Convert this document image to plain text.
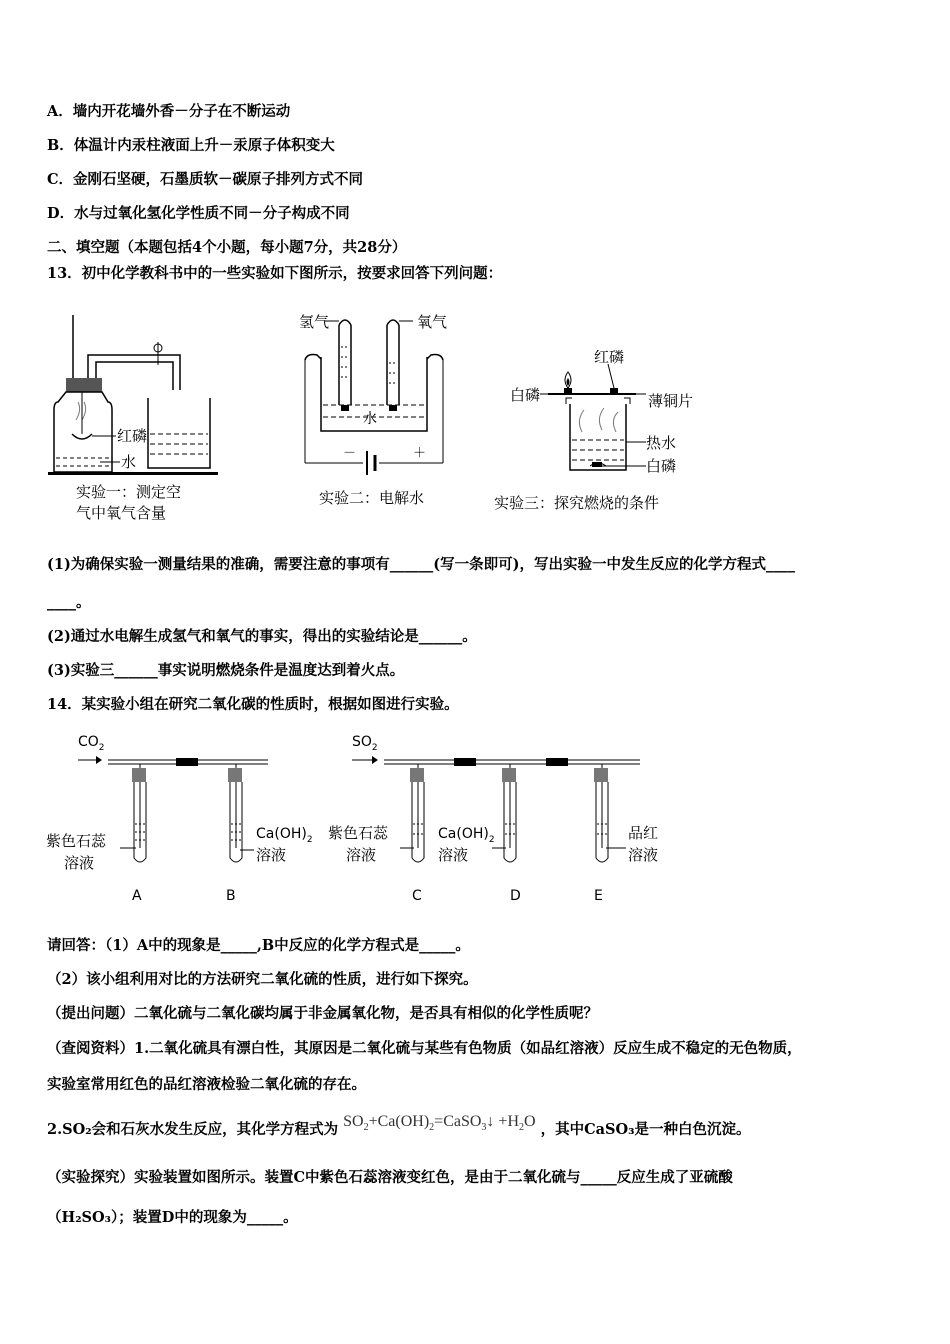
A．墙内开花墙外香－分子在不断运动
B．体温计内汞柱液面上升－汞原子体积变大
C．金刚石坚硬，石墨质软－碳原子排列方式不同
D．水与过氧化氢化学性质不同－分子构成不同
二、填空题（本题包括4个小题，每小题7分，共28分）
13．初中化学教科书中的一些实验如下图所示，按要求回答下列问题：
红磷
水
实验一：测定空
气中氧气含量
氢气	氧气
水
－	＋
实验二：电解水
红磷
白磷	薄铜片
热水
白磷
实验三：探究燃烧的条件
(1)为确保实验一测量结果的准确，需要注意的事项有______(写一条即可)，写出实验一中发生反应的化学方程式____
____。
(2)通过水电解生成氢气和氧气的事实，得出的实验结论是______。
(3)实验三______事实说明燃烧条件是温度达到着火点。
14．某实验小组在研究二氧化碳的性质时，根据如图进行实验。
$CO_2$
紫色石蕊
溶液
$Ca(OH)_2$
溶液
$SO_2$
紫色石蕊
溶液
$Ca(OH)_2$
溶液
品红
溶液
A	B	C	D	E
请回答：（1）A中的现象是_____,B中反应的化学方程式是_____。
（2）该小组利用对比的方法研究二氧化硫的性质，进行如下探究。
（提出问题）二氧化硫与二氧化碳均属于非金属氧化物，是否具有相似的化学性质呢？
（查阅资料）1.二氧化硫具有漂白性，其原因是二氧化硫与某些有色物质（如品红溶液）反应生成不稳定的无色物质，
实验室常用红色的品红溶液检验二氧化硫的存在。
2.SO₂会和石灰水发生反应，其化学方程式为 $SO_2+Ca(OH)_2=CaSO_3↓ +H_2O$ ，其中CaSO₃是一种白色沉淀。
（实验探究）实验装置如图所示。装置C中紫色石蕊溶液变红色，是由于二氧化硫与_____反应生成了亚硫酸
（H₂SO₃）；装置D中的现象为_____。
